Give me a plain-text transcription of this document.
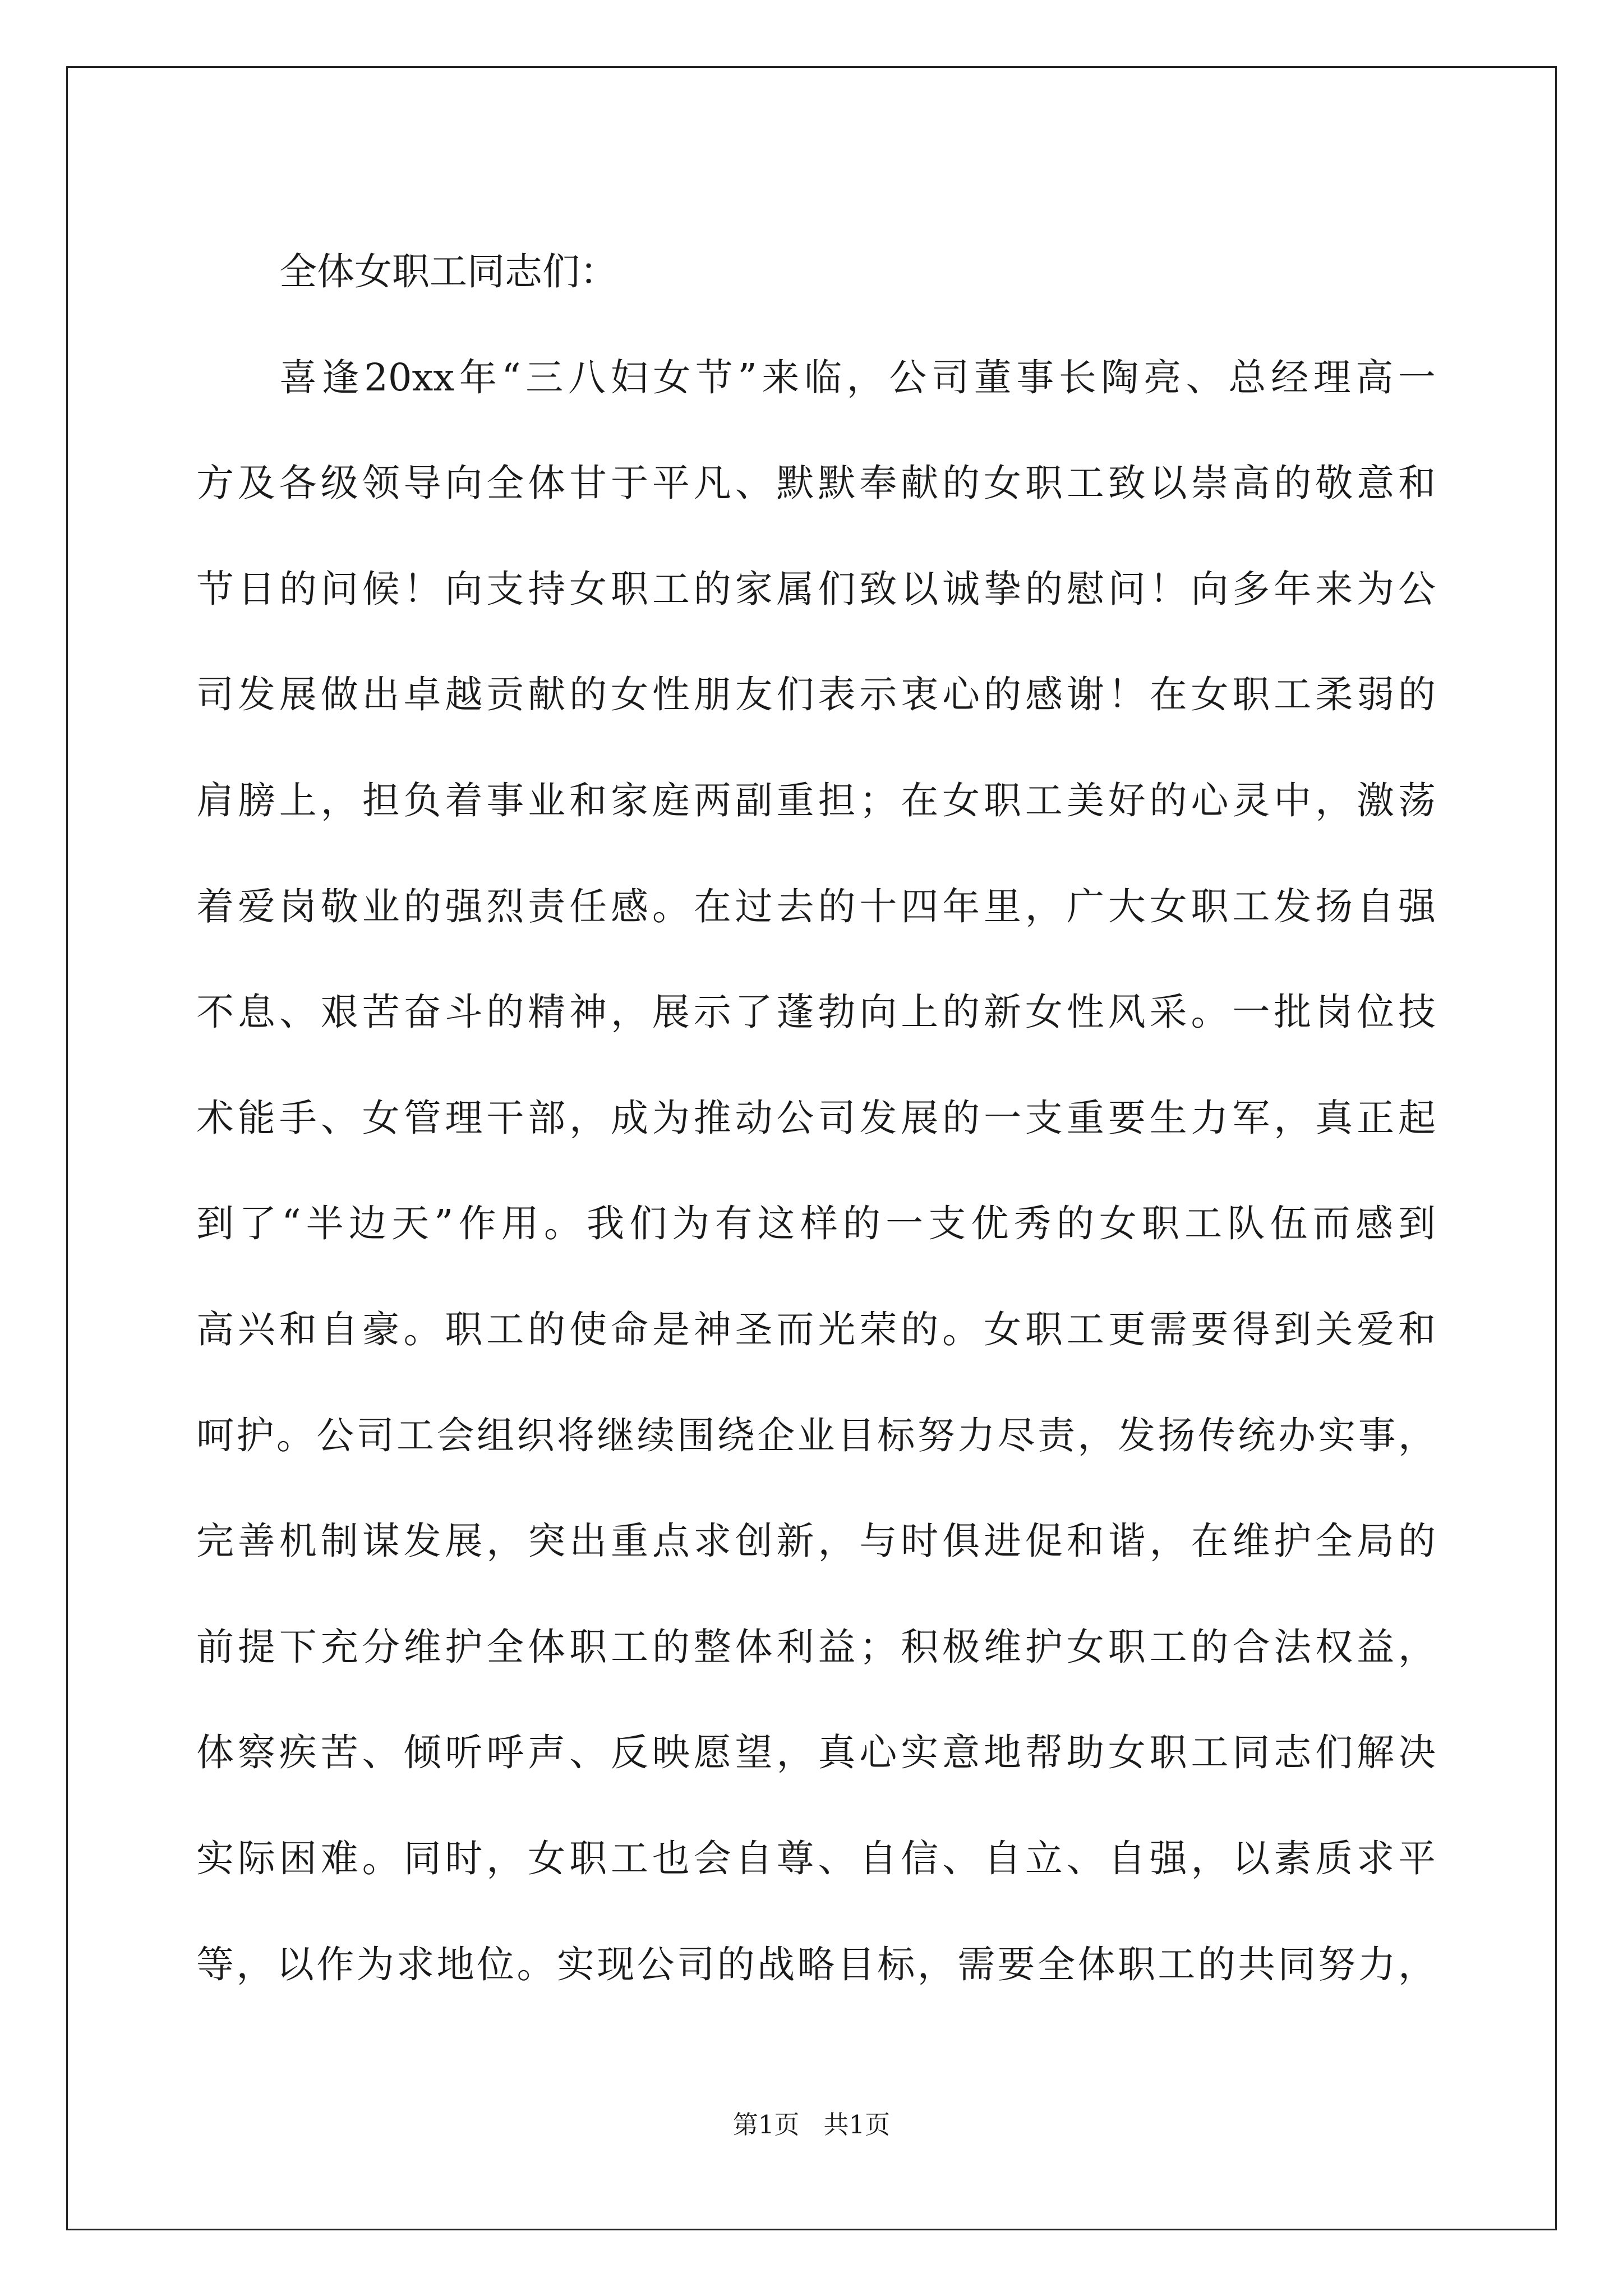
全体女职工同志们：
喜逢20xx年“三八妇女节”来临，公司董事长陶亮、总经理高一
方及各级领导向全体甘于平凡、默默奉献的女职工致以崇高的敬意和
节日的问候！向支持女职工的家属们致以诚挚的慰问！向多年来为公
司发展做出卓越贡献的女性朋友们表示衷心的感谢！在女职工柔弱的
肩膀上，担负着事业和家庭两副重担；在女职工美好的心灵中，激荡
着爱岗敬业的强烈责任感。在过去的十四年里，广大女职工发扬自强
不息、艰苦奋斗的精神，展示了蓬勃向上的新女性风采。一批岗位技
术能手、女管理干部，成为推动公司发展的一支重要生力军，真正起
到了“半边天”作用。我们为有这样的一支优秀的女职工队伍而感到
高兴和自豪。职工的使命是神圣而光荣的。女职工更需要得到关爱和
呵护。公司工会组织将继续围绕企业目标努力尽责，发扬传统办实事，
完善机制谋发展，突出重点求创新，与时俱进促和谐，在维护全局的
前提下充分维护全体职工的整体利益；积极维护女职工的合法权益，
体察疾苦、倾听呼声、反映愿望，真心实意地帮助女职工同志们解决
实际困难。同时，女职工也会自尊、自信、自立、自强，以素质求平
等，以作为求地位。实现公司的战略目标，需要全体职工的共同努力，
第1页 共1页
